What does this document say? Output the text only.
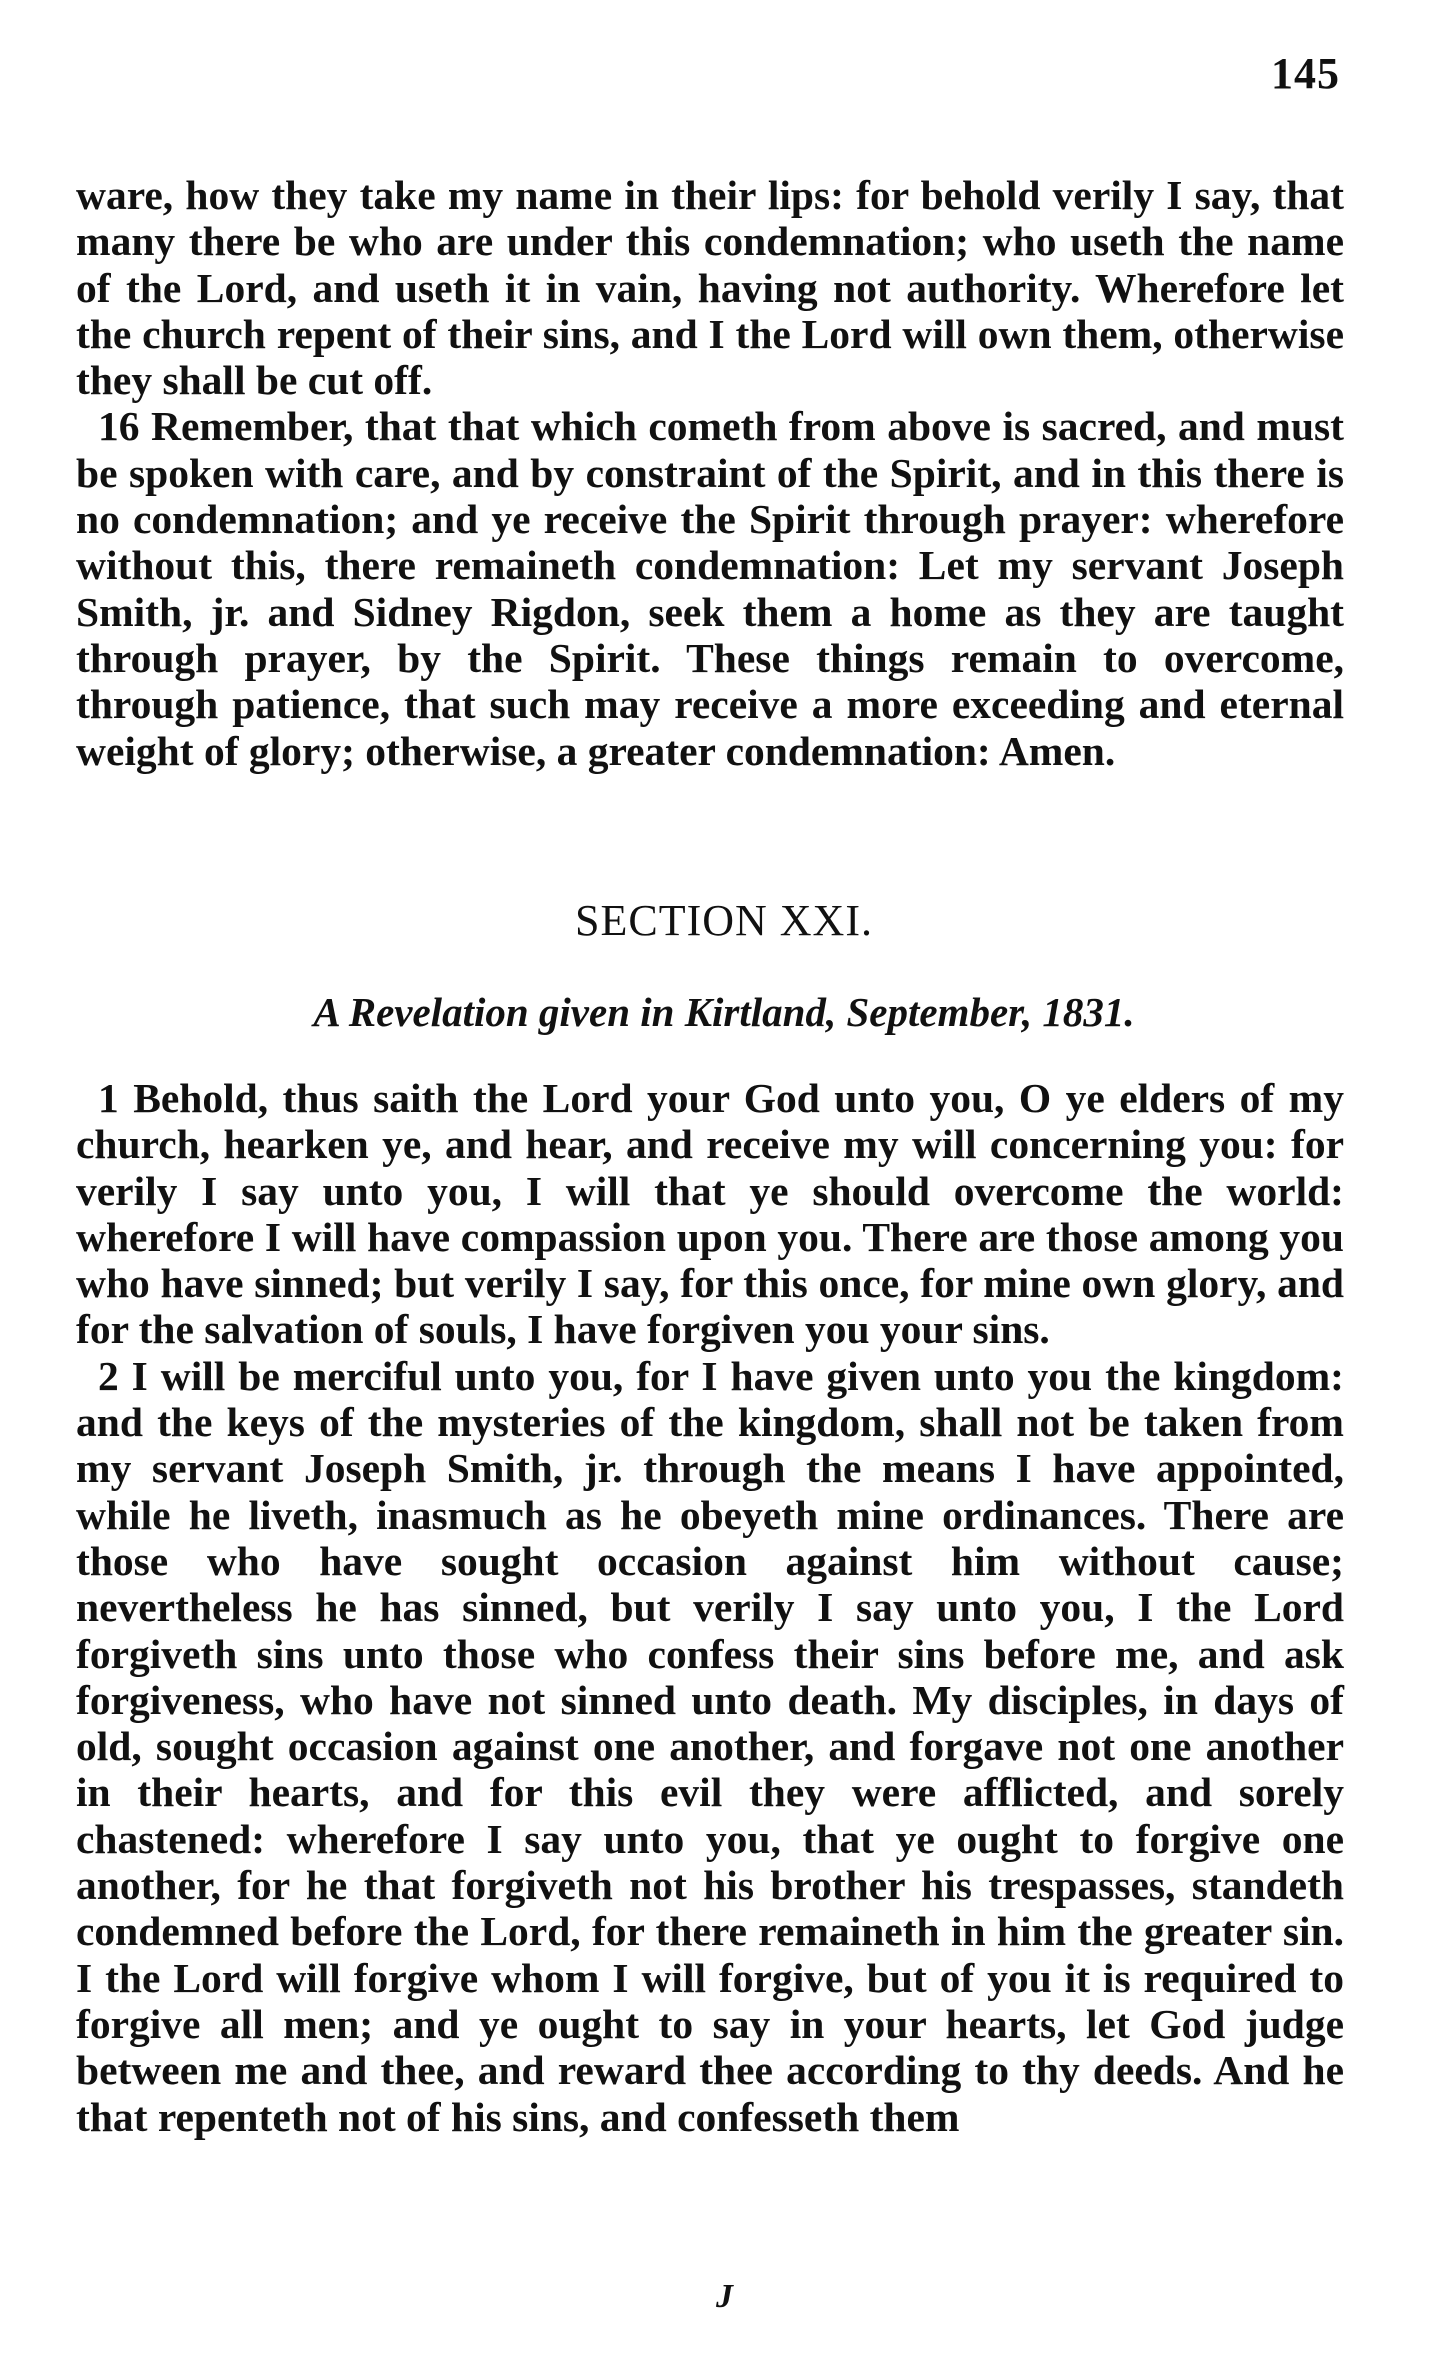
145

ware, how they take my name in their lips: for behold verily I say, that many there be who are under this condemnation; who useth the name of the Lord, and useth it in vain, having not authority. Wherefore let the church repent of their sins, and I the Lord will own them, otherwise they shall be cut off.

16 Remember, that that which cometh from above is sacred, and must be spoken with care, and by constraint of the Spirit, and in this there is no condemnation; and ye receive the Spirit through prayer: wherefore without this, there remaineth condemnation: Let my servant Joseph Smith, jr. and Sidney Rigdon, seek them a home as they are taught through prayer, by the Spirit. These things remain to overcome, through patience, that such may receive a more exceeding and eternal weight of glory; otherwise, a greater condemnation: Amen.

SECTION XXI.
A Revelation given in Kirtland, September, 1831.

1 Behold, thus saith the Lord your God unto you, O ye elders of my church, hearken ye, and hear, and receive my will concerning you: for verily I say unto you, I will that ye should overcome the world: wherefore I will have compassion upon you. There are those among you who have sinned; but verily I say, for this once, for mine own glory, and for the salvation of souls, I have forgiven you your sins.

2 I will be merciful unto you, for I have given unto you the kingdom: and the keys of the mysteries of the kingdom, shall not be taken from my servant Joseph Smith, jr. through the means I have appointed, while he liveth, inasmuch as he obeyeth mine ordinances. There are those who have sought occasion against him without cause; nevertheless he has sinned, but verily I say unto you, I the Lord forgiveth sins unto those who confess their sins before me, and ask forgiveness, who have not sinned unto death. My disciples, in days of old, sought occasion against one another, and forgave not one another in their hearts, and for this evil they were afflicted, and sorely chastened: wherefore I say unto you, that ye ought to forgive one another, for he that forgiveth not his brother his trespasses, standeth condemned before the Lord, for there remaineth in him the greater sin. I the Lord will forgive whom I will forgive, but of you it is required to forgive all men; and ye ought to say in your hearts, let God judge between me and thee, and reward thee according to thy deeds. And he that repenteth not of his sins, and confesseth them

J
